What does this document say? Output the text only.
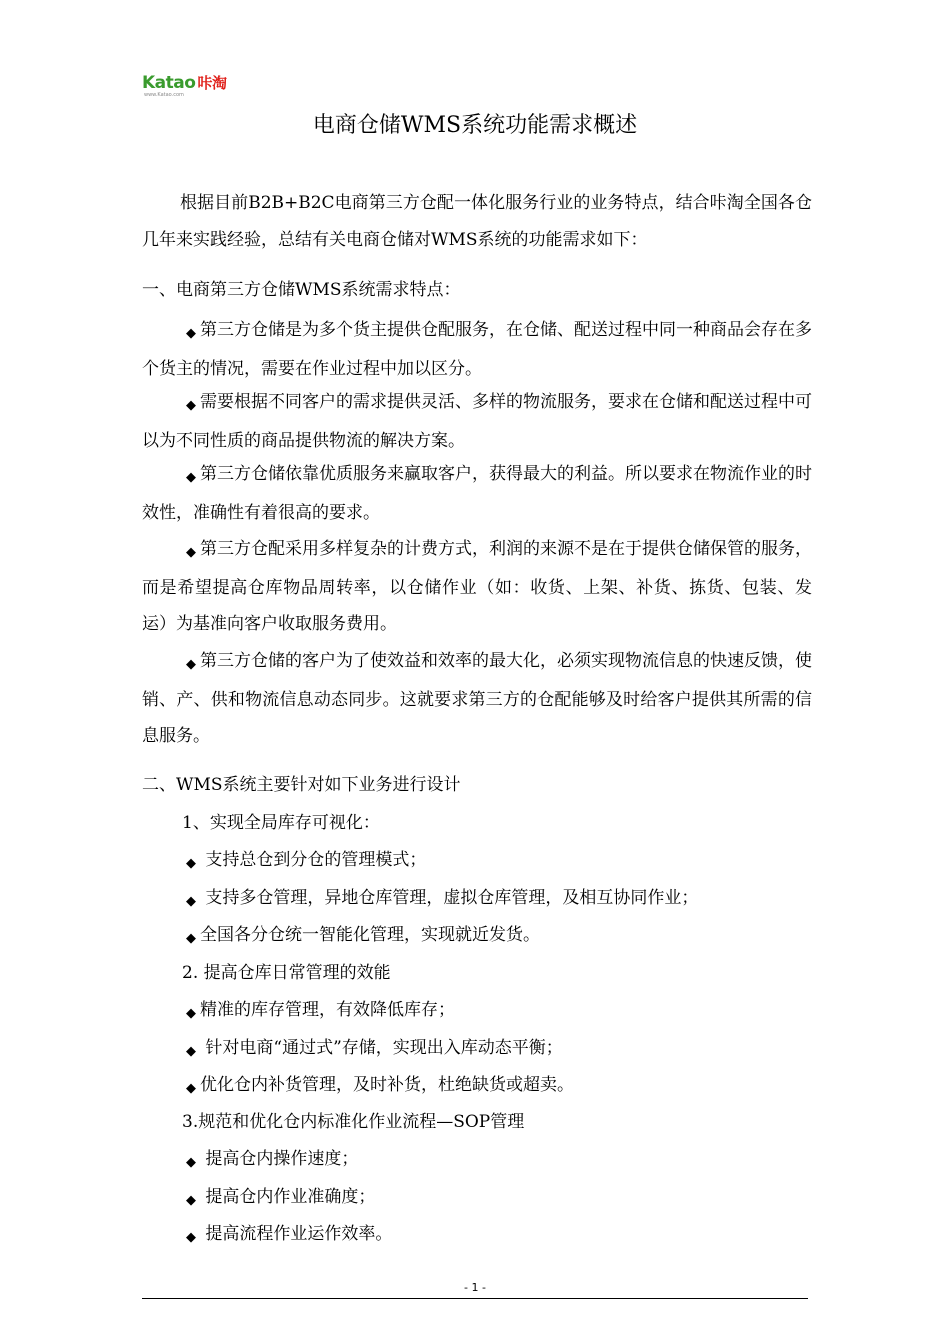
Katao 咔淘
www.Katao.com
电商仓储WMS系统功能需求概述
根据目前B2B+B2C电商第三方仓配一体化服务行业的业务特点，结合咔淘全国各仓几年来实践经验，总结有关电商仓储对WMS系统的功能需求如下：
一、电商第三方仓储WMS系统需求特点：
◆ 第三方仓储是为多个货主提供仓配服务，在仓储、配送过程中同一种商品会存在多个货主的情况，需要在作业过程中加以区分。
◆ 需要根据不同客户的需求提供灵活、多样的物流服务，要求在仓储和配送过程中可以为不同性质的商品提供物流的解决方案。
◆ 第三方仓储依靠优质服务来赢取客户，获得最大的利益。所以要求在物流作业的时效性，准确性有着很高的要求。
◆ 第三方仓配采用多样复杂的计费方式，利润的来源不是在于提供仓储保管的服务，而是希望提高仓库物品周转率，以仓储作业（如：收货、上架、补货、拣货、包装、发运）为基准向客户收取服务费用。
◆ 第三方仓储的客户为了使效益和效率的最大化，必须实现物流信息的快速反馈，使销、产、供和物流信息动态同步。这就要求第三方的仓配能够及时给客户提供其所需的信息服务。
二、WMS系统主要针对如下业务进行设计
1、实现全局库存可视化：
◆ 支持总仓到分仓的管理模式；
◆ 支持多仓管理，异地仓库管理，虚拟仓库管理，及相互协同作业；
◆ 全国各分仓统一智能化管理，实现就近发货。
2. 提高仓库日常管理的效能
◆ 精准的库存管理，有效降低库存；
◆ 针对电商“通过式”存储，实现出入库动态平衡；
◆ 优化仓内补货管理，及时补货，杜绝缺货或超卖。
3.规范和优化仓内标准化作业流程—SOP管理
◆ 提高仓内操作速度；
◆ 提高仓内作业准确度；
◆ 提高流程作业运作效率。
- 1 -
